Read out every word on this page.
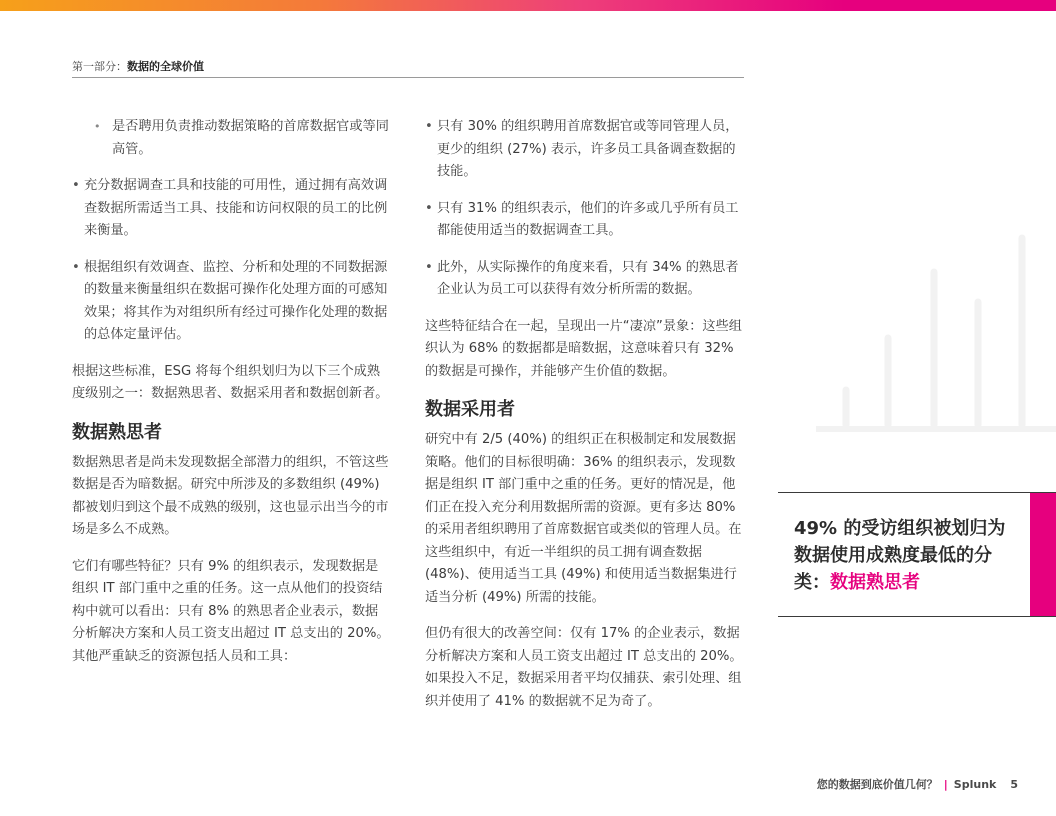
第一部分：数据的全球价值
• 是否聘用负责推动数据策略的首席数据官或等同高管。
• 充分数据调查工具和技能的可用性，通过拥有高效调查数据所需适当工具、技能和访问权限的员工的比例来衡量。
• 根据组织有效调查、监控、分析和处理的不同数据源的数量来衡量组织在数据可操作化处理方面的可感知效果；将其作为对组织所有经过可操作化处理的数据的总体定量评估。

根据这些标准，ESG 将每个组织划归为以下三个成熟度级别之一：数据熟思者、数据采用者和数据创新者。

数据熟思者

数据熟思者是尚未发现数据全部潜力的组织，不管这些数据是否为暗数据。研究中所涉及的多数组织 (49%) 都被划归到这个最不成熟的级别，这也显示出当今的市场是多么不成熟。

它们有哪些特征？只有 9% 的组织表示，发现数据是组织 IT 部门重中之重的任务。这一点从他们的投资结构中就可以看出：只有 8% 的熟思者企业表示，数据分析解决方案和人员工资支出超过 IT 总支出的 20%。其他严重缺乏的资源包括人员和工具：

• 只有 30% 的组织聘用首席数据官或等同管理人员，更少的组织 (27%) 表示，许多员工具备调查数据的技能。
• 只有 31% 的组织表示，他们的许多或几乎所有员工都能使用适当的数据调查工具。
• 此外，从实际操作的角度来看，只有 34% 的熟思者企业认为员工可以获得有效分析所需的数据。

这些特征结合在一起，呈现出一片“凄凉”景象：这些组织认为 68% 的数据都是暗数据，这意味着只有 32% 的数据是可操作，并能够产生价值的数据。

数据采用者

研究中有 2/5 (40%) 的组织正在积极制定和发展数据策略。他们的目标很明确：36% 的组织表示，发现数据是组织 IT 部门重中之重的任务。更好的情况是，他们正在投入充分利用数据所需的资源。更有多达 80% 的采用者组织聘用了首席数据官或类似的管理人员。在这些组织中，有近一半组织的员工拥有调查数据 (48%)、使用适当工具 (49%) 和使用适当数据集进行适当分析 (49%) 所需的技能。

但仍有很大的改善空间：仅有 17% 的企业表示，数据分析解决方案和人员工资支出超过 IT 总支出的 20%。如果投入不足，数据采用者平均仅捕获、索引处理、组织并使用了 41% 的数据就不足为奇了。

49% 的受访组织被划归为数据使用成熟度最低的分类：数据熟思者
您的数据到底价值几何？ | Splunk 5
